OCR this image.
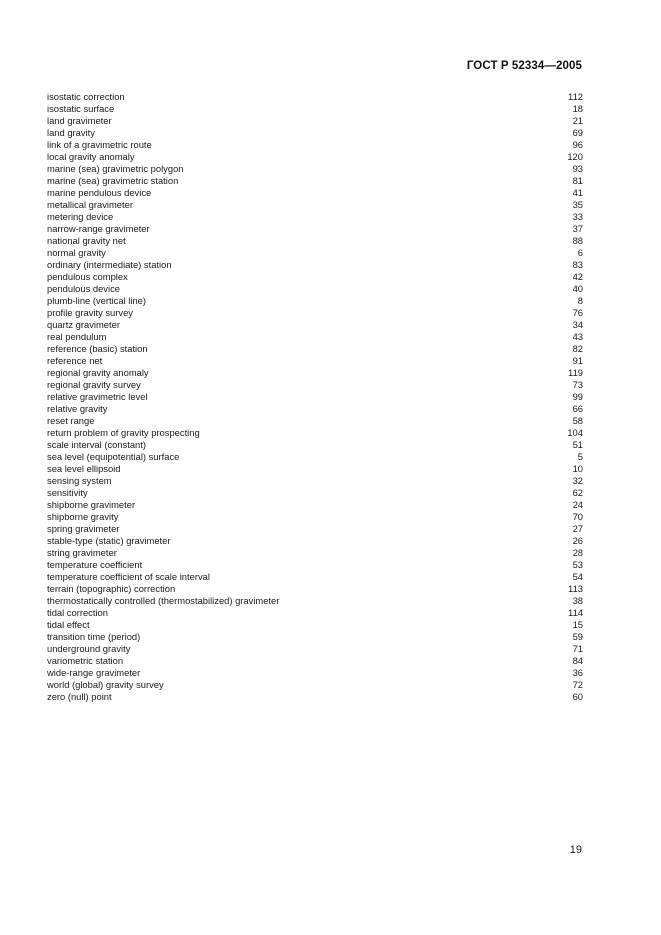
ГОСТ Р 52334—2005
isostatic correction	112
isostatic surface	18
land gravimeter	21
land gravity	69
link of a gravimetric route	96
local gravity anomaly	120
marine (sea) gravimetric polygon	93
marine (sea) gravimetric station	81
marine pendulous device	41
metallical gravimeter	35
metering device	33
narrow-range gravimeter	37
national gravity net	88
normal gravity	6
ordinary (intermediate) station	83
pendulous complex	42
pendulous device	40
plumb-line (vertical line)	8
profile gravity survey	76
quartz gravimeter	34
real pendulum	43
reference (basic) station	82
reference net	91
regional gravity anomaly	119
regional gravity survey	73
relative gravimetric level	99
relative gravity	66
reset range	58
return problem of gravity prospecting	104
scale interval (constant)	51
sea level (equipotential) surface	5
sea level ellipsoid	10
sensing system	32
sensitivity	62
shipborne gravimeter	24
shipborne gravity	70
spring gravimeter	27
stable-type (static) gravimeter	26
string gravimeter	28
temperature coefficient	53
temperature coefficient of scale interval	54
terrain (topographic) correction	113
thermostatically controlled (thermostabilized) gravimeter	38
tidal correction	114
tidal effect	15
transition time (period)	59
underground gravity	71
variometric station	84
wide-range gravimeter	36
world (global) gravity survey	72
zero (null) point	60
19
